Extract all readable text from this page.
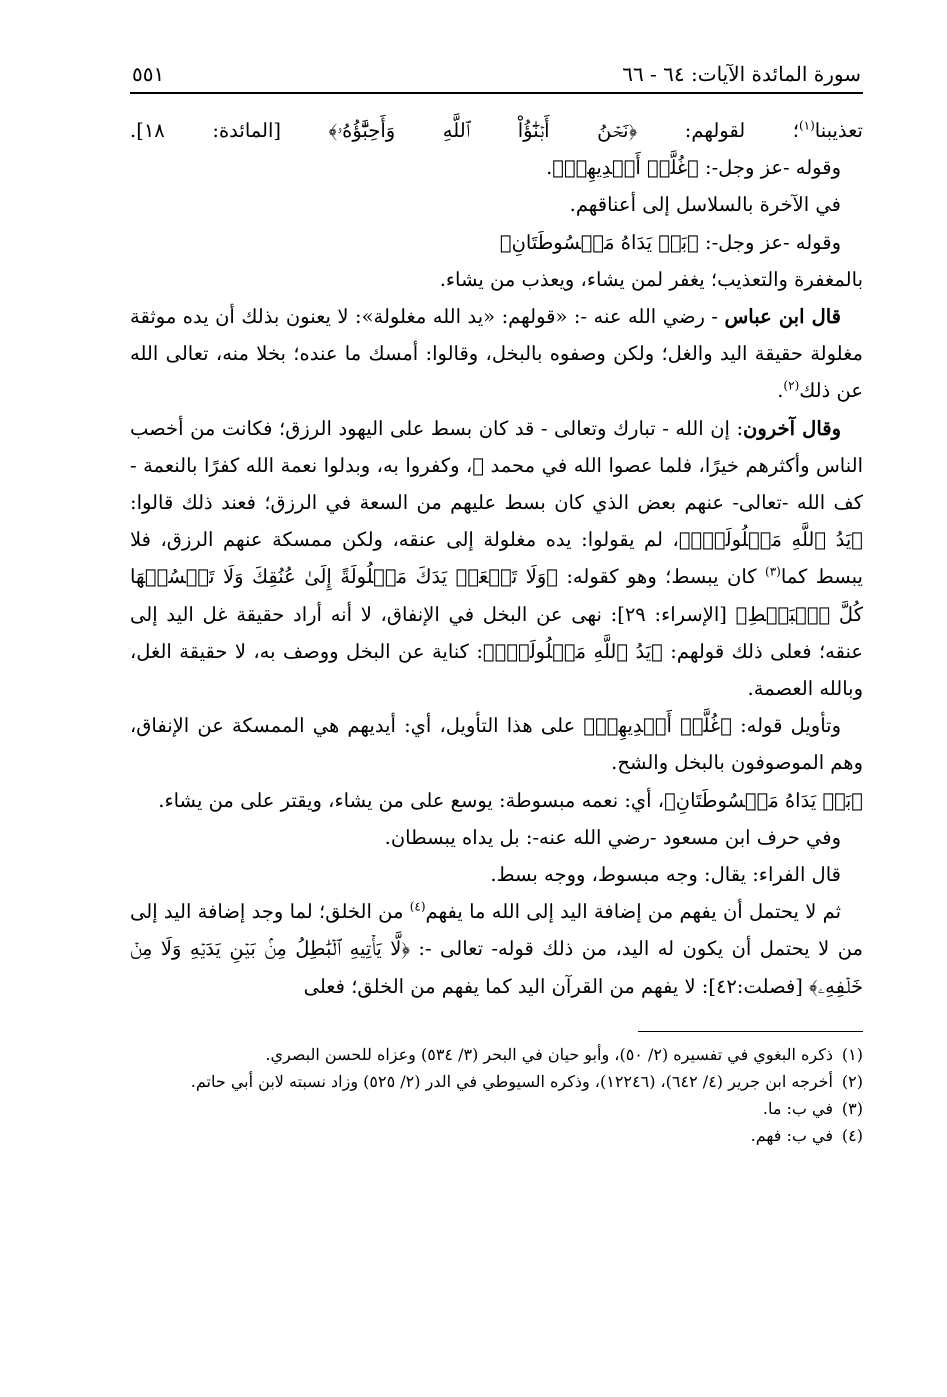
سورة المائدة الآيات: ٦٤ - ٦٦
٥٥١

تعذيبنا$^{(١)}$؛ لقولهم: ﴿نَحۡنُ أَبۡنَٰٓؤُاْ ٱللَّهِ وَأَحِبَّٰٓؤُهُۥ﴾ [المائدة: ١٨].

وقوله -عز وجل-: ﴿غُلَّتۡ أَيۡدِيهِمۡ﴾.

في الآخرة بالسلاسل إلى أعناقهم.

وقوله -عز وجل-: ﴿بَلۡ يَدَاهُ مَبۡسُوطَتَانِ﴾

بالمغفرة والتعذيب؛ يغفر لمن يشاء، ويعذب من يشاء.

قال ابن عباس - رضي الله عنه -: «قولهم: «يد الله مغلولة»: لا يعنون بذلك أن يده موثقة مغلولة حقيقة اليد والغل؛ ولكن وصفوه بالبخل، وقالوا: أمسك ما عنده؛ بخلا منه، تعالى الله عن ذلك$^{(٢)}$.

وقال آخرون: إن الله - تبارك وتعالى - قد كان بسط على اليهود الرزق؛ فكانت من أخصب الناس وأكثرهم خيرًا، فلما عصوا الله في محمد ﷺ، وكفروا به، وبدلوا نعمة الله كفرًا بالنعمة - كف الله -تعالى- عنهم بعض الذي كان بسط عليهم من السعة في الرزق؛ فعند ذلك قالوا: ﴿يَدُ ٱللَّهِ مَغۡلُولَةٌۚ﴾، لم يقولوا: يده مغلولة إلى عنقه، ولكن ممسكة عنهم الرزق، فلا يبسط كما$^{(٣)}$ كان يبسط؛ وهو كقوله: ﴿وَلَا تَجۡعَلۡ يَدَكَ مَغۡلُولَةً إِلَىٰ عُنُقِكَ وَلَا تَبۡسُطۡهَا كُلَّ ٱلۡبَسۡطِ﴾ [الإسراء: ٢٩]: نهى عن البخل في الإنفاق، لا أنه أراد حقيقة غل اليد إلى عنقه؛ فعلى ذلك قولهم: ﴿يَدُ ٱللَّهِ مَغۡلُولَةٌۚ﴾: كناية عن البخل ووصف به، لا حقيقة الغل، وبالله العصمة.

وتأويل قوله: ﴿غُلَّتۡ أَيۡدِيهِمۡ﴾ على هذا التأويل، أي: أيديهم هي الممسكة عن الإنفاق، وهم الموصوفون بالبخل والشح.

﴿بَلۡ يَدَاهُ مَبۡسُوطَتَانِ﴾، أي: نعمه مبسوطة: يوسع على من يشاء، ويقتر على من يشاء.

وفي حرف ابن مسعود -رضي الله عنه-: بل يداه يبسطان.

قال الفراء: يقال: وجه مبسوط، ووجه بسط.

ثم لا يحتمل أن يفهم من إضافة اليد إلى الله ما يفهم$^{(٤)}$ من الخلق؛ لما وجد إضافة اليد إلى من لا يحتمل أن يكون له اليد، من ذلك قوله- تعالى -: ﴿لَّا يَأۡتِيهِ ٱلۡبَٰطِلُ مِنۢ بَيۡنِ يَدَيۡهِ وَلَا مِنۡ خَلۡفِهِۦ﴾ [فصلت:٤٢]: لا يفهم من القرآن اليد كما يفهم من الخلق؛ فعلى

(١)
ذكره البغوي في تفسيره (٢/ ٥٠)، وأبو حيان في البحر (٣/ ٥٣٤) وعزاه للحسن البصري.
(٢)
أخرجه ابن جرير (٤/ ٦٤٢)، (١٢٢٤٦)، وذكره السيوطي في الدر (٢/ ٥٢٥) وزاد نسبته لابن أبي حاتم.
(٣)
في ب: ما.
(٤)
في ب: فهم.
